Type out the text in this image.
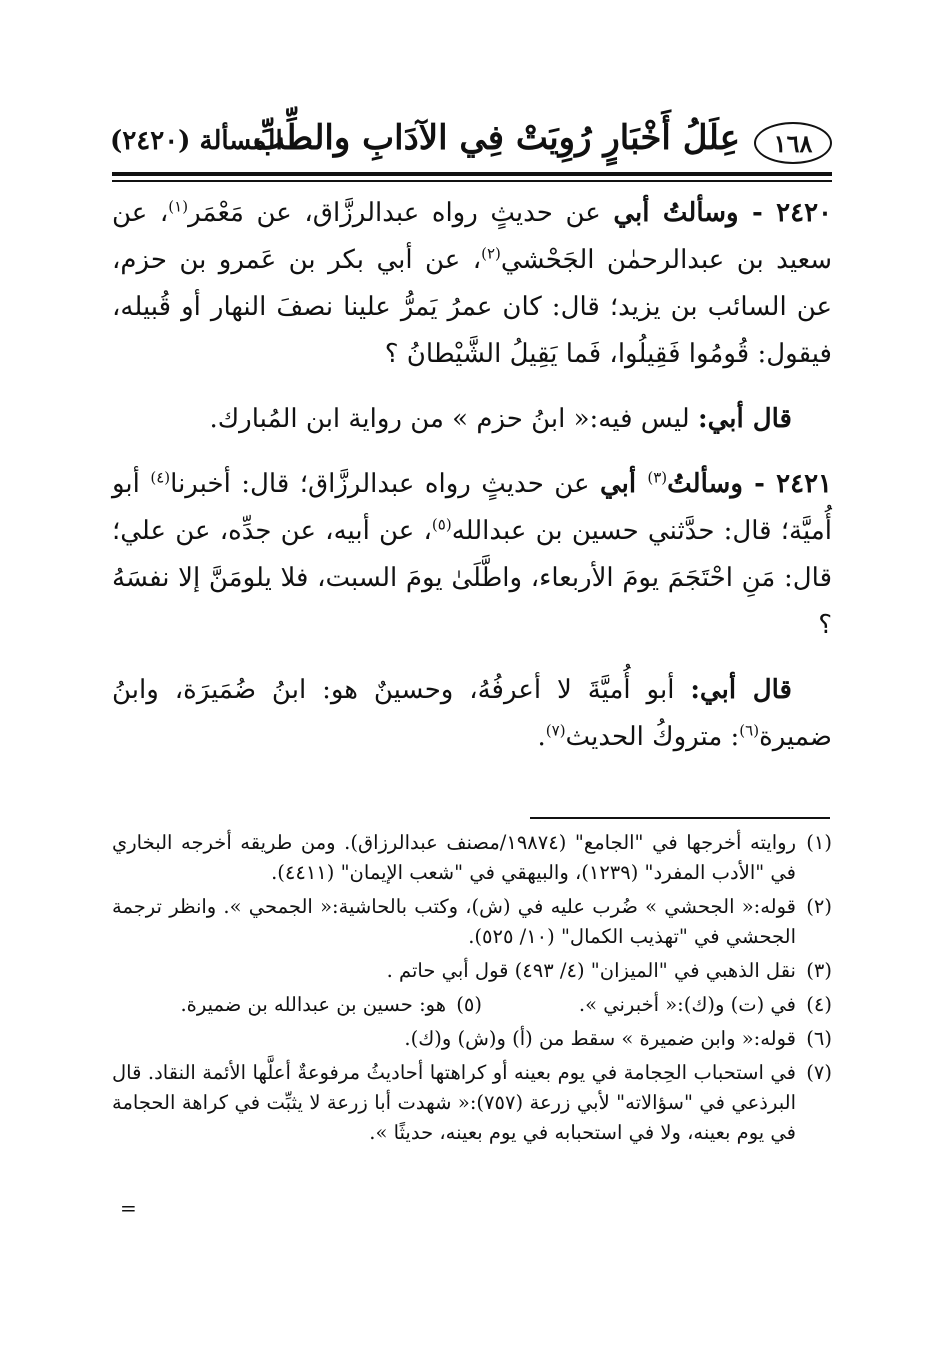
١٦٨
عِلَلُ أَخْبَارٍ رُوِيَتْ فِي الآدَابِ والطِّبِّ
المسألة (٢٤٢٠)

٢٤٢٠ - وسألتُ أبي عن حديثٍ رواه عبدالرزَّاق، عن مَعْمَر$^{(١)}$، عن سعيد بن عبدالرحمٰن الجَحْشي$^{(٢)}$، عن أبي بكر بن عَمرو بن حزم، عن السائب بن يزيد؛ قال: كان عمرُ يَمرُّ علينا نصفَ النهار أو قُبيله، فيقول: قُومُوا فَقِيلُوا، فَما يَقِيلُ الشَّيْطانُ ؟

قال أبي: ليس فيه:« ابنُ حزم » من رواية ابن المُبارك.

٢٤٢١ - وسألتُ$^{(٣)}$ أبي عن حديثٍ رواه عبدالرزَّاق؛ قال: أخبرنا$^{(٤)}$ أبو أُميَّة؛ قال: حدَّثني حسين بن عبدالله$^{(٥)}$، عن أبيه، عن جدِّه، عن علي؛ قال: مَنِ احْتَجَمَ يومَ الأربعاء، واطَّلَىٰ يومَ السبت، فلا يلومَنَّ إلا نفسَهُ ؟

قال أبي: أبو أُميَّةَ لا أعرفُهُ، وحسينٌ هو: ابنُ ضُمَيرَة، وابنُ ضميرة$^{(٦)}$: متروكُ الحديث$^{(٧)}$.

(١)
روايته أخرجها في "الجامع" (١٩٨٧٤/مصنف عبدالرزاق). ومن طريقه أخرجه البخاري في "الأدب المفرد" (١٢٣٩)، والبيهقي في "شعب الإيمان" (٤٤١١).
(٢)
قوله:« الجحشي » ضُرب عليه في (ش)، وكتب بالحاشية:« الجمحي ». وانظر ترجمة الجحشي في "تهذيب الكمال" (١٠/ ٥٢٥).
(٣)
نقل الذهبي في "الميزان" (٤/ ٤٩٣) قول أبي حاتم .
(٤)
في (ت) و(ك):« أخبرني ».
(٥)
هو: حسين بن عبدالله بن ضميرة.
(٦)
قوله:« وابن ضميرة » سقط من (أ) و(ش) و(ك).
(٧)
في استحباب الحِجامة في يوم بعينه أو كراهتها أحاديثُ مرفوعةٌ أعلَّها الأئمة النقاد. قال البرذعي في "سؤالاته" لأبي زرعة (٧٥٧):« شهدت أبا زرعة لا يثبِّت في كراهة الحجامة في يوم بعينه، ولا في استحبابه في يوم بعينه، حديثًا ».
=
